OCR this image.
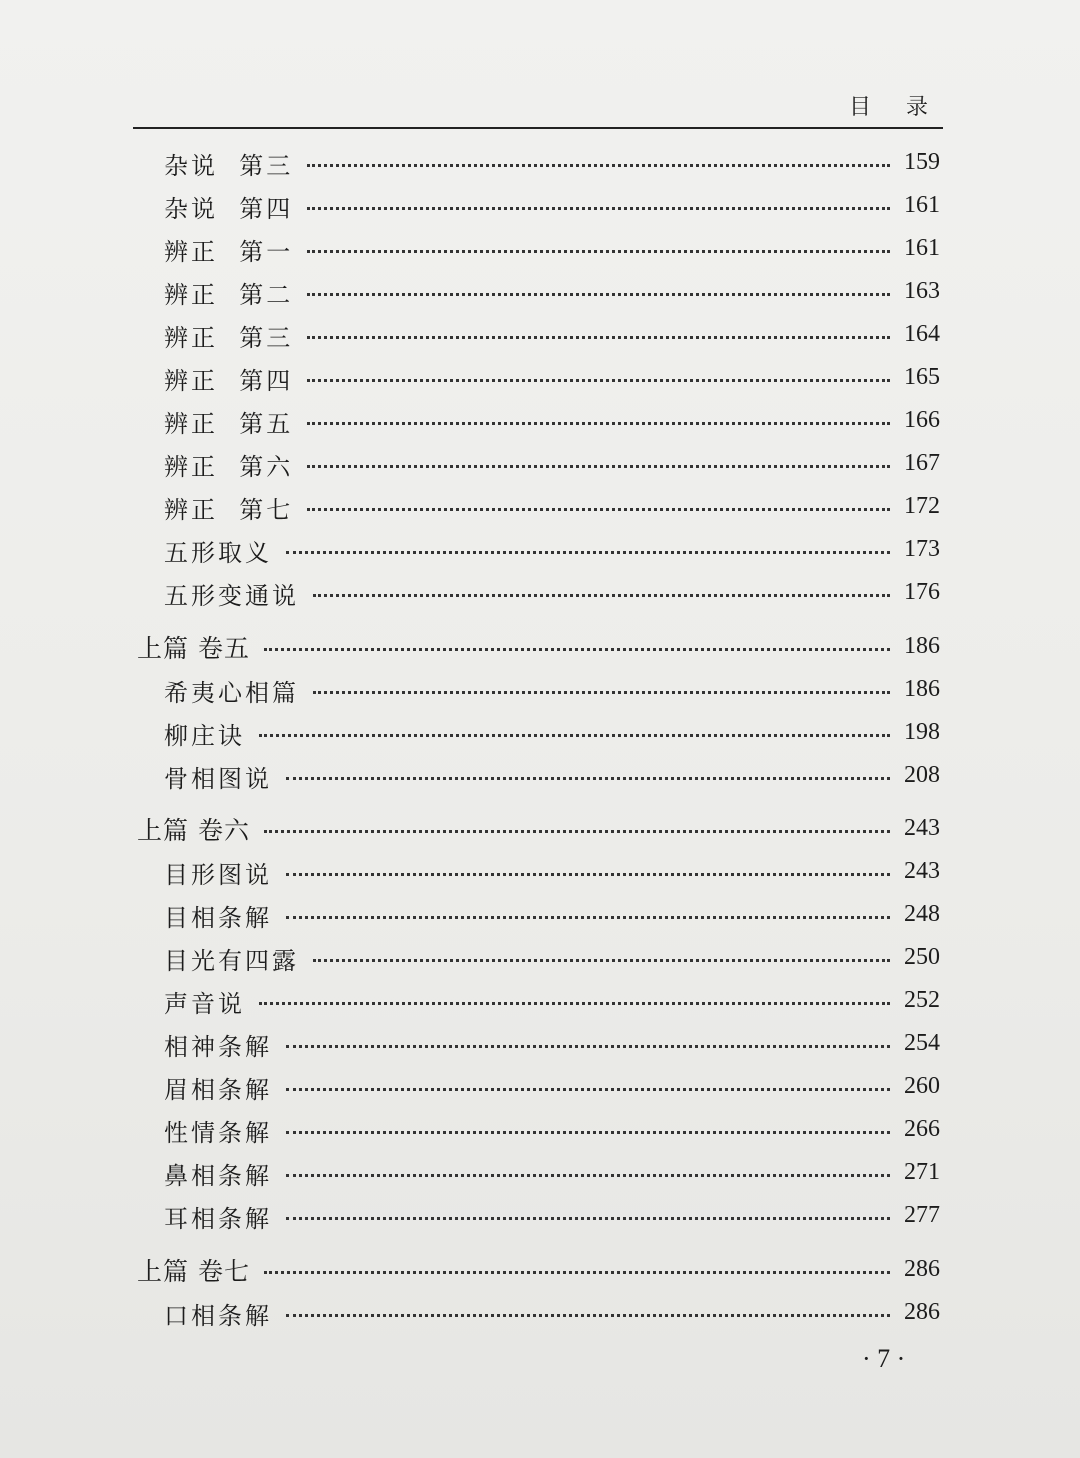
目 录
杂说  第三	159
杂说  第四	161
辨正  第一	161
辨正  第二	163
辨正  第三	164
辨正  第四	165
辨正  第五	166
辨正  第六	167
辨正  第七	172
五形取义	173
五形变通说	176
上篇 卷五	186
希夷心相篇	186
柳庄诀	198
骨相图说	208
上篇 卷六	243
目形图说	243
目相条解	248
目光有四露	250
声音说	252
相神条解	254
眉相条解	260
性情条解	266
鼻相条解	271
耳相条解	277
上篇 卷七	286
口相条解	286
· 7 ·
